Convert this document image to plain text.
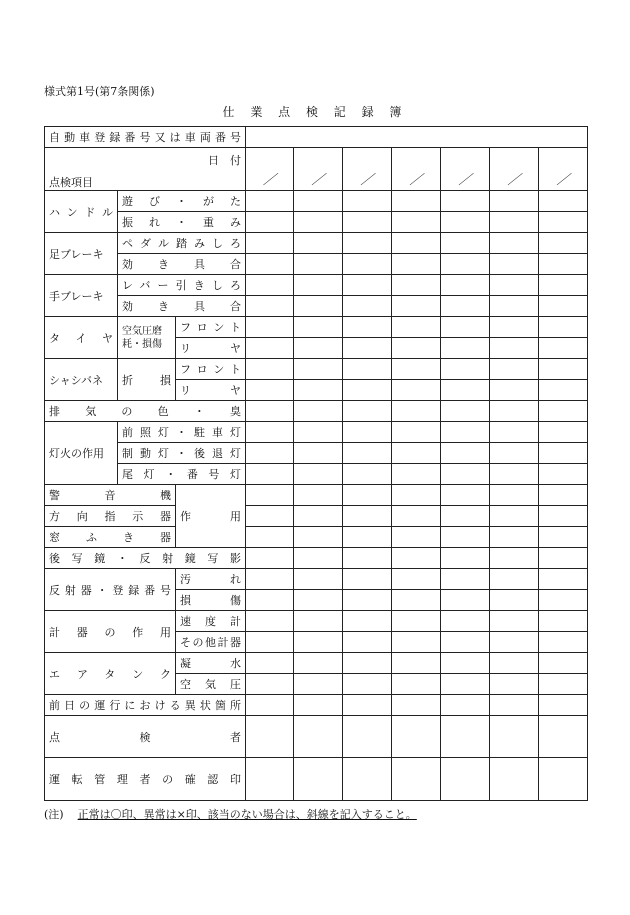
様式第1号(第7条関係)
仕 業 点 検 記 録 簿
自動車登録番号又は車両番号									
日　付
点検項目			／	／	／	／	／	／	／
ハンドル	遊び・がた								
	振れ・重み								
足ブレーキ	ペダル踏みしろ								
	効き具合								
手ブレーキ	レバー引きしろ								
	効き具合								
タ イ ヤ	空気圧磨耗・損傷	フロント							
		リヤ							
シャシバネ	折　損	フロント							
		リヤ							
排気の色・臭									
灯火の作用	前照灯・駐車灯								
	制動灯・後退灯								
	尾灯・番号灯								
警音機		作　用							
方向指示器									
窓ふき器									
後写鏡・反射鏡写影									
反射器・登録番号		汚れ							
		損傷							
計器の作用		速度計							
		その他計器							
エアタンク		凝水							
		空気圧							
前日の運行における異状箇所									
点　検　者									
運転管理者の確認印									
(注) 正常は〇印、異常は×印、該当のない場合は、斜線を記入すること。
